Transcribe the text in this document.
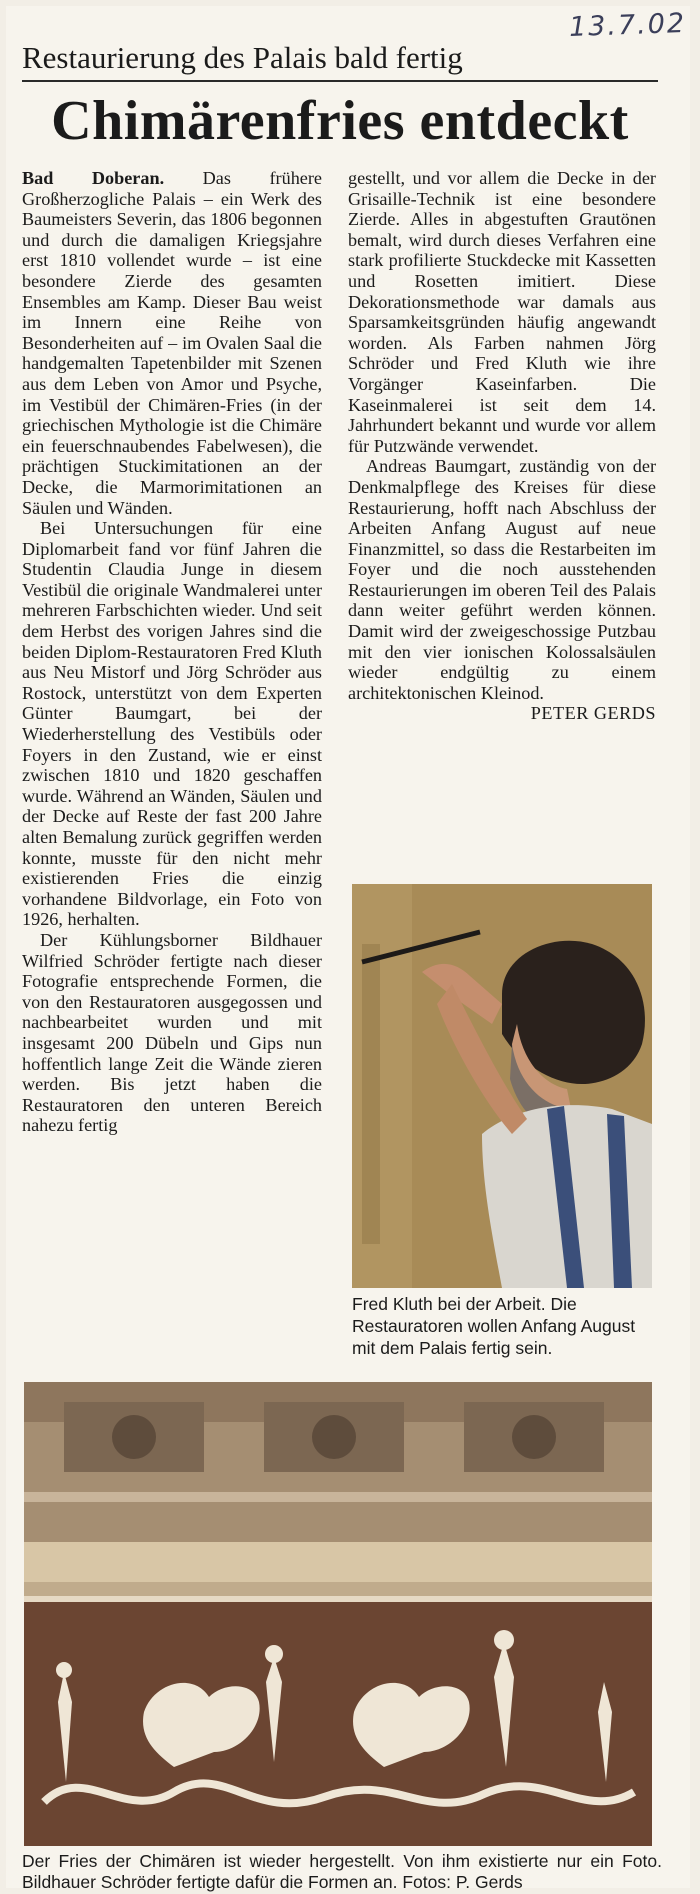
13.7.02
Restaurierung des Palais bald fertig
Chimärenfries entdeckt

Bad Doberan. Das frühere Großherzogliche Palais – ein Werk des Baumeisters Severin, das 1806 begonnen und durch die damaligen Kriegsjahre erst 1810 vollendet wurde – ist eine besondere Zierde des gesamten Ensembles am Kamp. Dieser Bau weist im Innern eine Reihe von Besonderheiten auf – im Ovalen Saal die handgemalten Tapetenbilder mit Szenen aus dem Leben von Amor und Psyche, im Vestibül der Chimären-Fries (in der griechischen Mythologie ist die Chimäre ein feuerschnaubendes Fabelwesen), die prächtigen Stuckimitationen an der Decke, die Marmorimitationen an Säulen und Wänden.

Bei Untersuchungen für eine Diplomarbeit fand vor fünf Jahren die Studentin Claudia Junge in diesem Vestibül die originale Wandmalerei unter mehreren Farbschichten wieder. Und seit dem Herbst des vorigen Jahres sind die beiden Diplom-Restauratoren Fred Kluth aus Neu Mistorf und Jörg Schröder aus Rostock, unterstützt von dem Experten Günter Baumgart, bei der Wiederherstellung des Vestibüls oder Foyers in den Zustand, wie er einst zwischen 1810 und 1820 geschaffen wurde. Während an Wänden, Säulen und der Decke auf Reste der fast 200 Jahre alten Bemalung zurück gegriffen werden konnte, musste für den nicht mehr existierenden Fries die einzig vorhandene Bildvorlage, ein Foto von 1926, herhalten.

Der Kühlungsborner Bildhauer Wilfried Schröder fertigte nach dieser Fotografie entsprechende Formen, die von den Restauratoren ausgegossen und nachbearbeitet wurden und mit insgesamt 200 Dübeln und Gips nun hoffentlich lange Zeit die Wände zieren werden. Bis jetzt haben die Restauratoren den unteren Bereich nahezu fertig

gestellt, und vor allem die Decke in der Grisaille-Technik ist eine besondere Zierde. Alles in abgestuften Grautönen bemalt, wird durch dieses Verfahren eine stark profilierte Stuckdecke mit Kassetten und Rosetten imitiert. Diese Dekorationsmethode war damals aus Sparsamkeitsgründen häufig angewandt worden. Als Farben nahmen Jörg Schröder und Fred Kluth wie ihre Vorgänger Kaseinfarben. Die Kaseinmalerei ist seit dem 14. Jahrhundert bekannt und wurde vor allem für Putzwände verwendet.

Andreas Baumgart, zuständig von der Denkmalpflege des Kreises für diese Restaurierung, hofft nach Abschluss der Arbeiten Anfang August auf neue Finanzmittel, so dass die Restarbeiten im Foyer und die noch ausstehenden Restaurierungen im oberen Teil des Palais dann weiter geführt werden können. Damit wird der zweigeschossige Putzbau mit den vier ionischen Kolossalsäulen wieder endgültig zu einem architektonischen Kleinod.
PETER GERDS

Fred Kluth bei der Arbeit. Die Restauratoren wollen Anfang August mit dem Palais fertig sein.
Der Fries der Chimären ist wieder hergestellt. Von ihm existierte nur ein Foto. Bildhauer Schröder fertigte dafür die Formen an. Fotos: P. Gerds
